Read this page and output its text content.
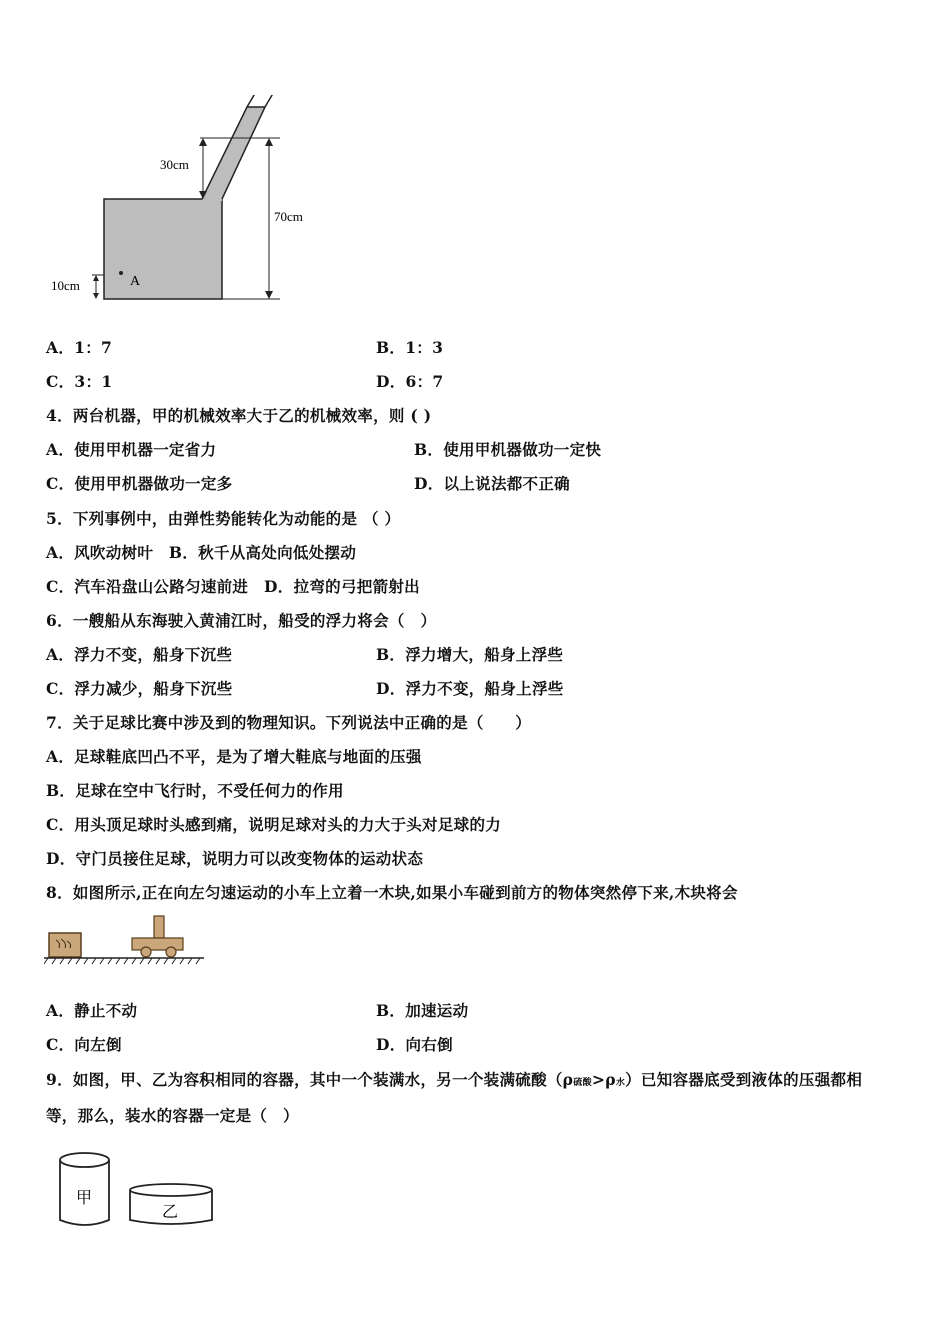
30cm
70cm
10cm	A
A．1：7	B．1：3
C．3：1	D．6：7
4．两台机器，甲的机械效率大于乙的机械效率，则 ( )
A．使用甲机器一定省力	B．使用甲机器做功一定快
C．使用甲机器做功一定多	D．以上说法都不正确
5．下列事例中，由弹性势能转化为动能的是 （ ）
A．风吹动树叶　B．秋千从高处向低处摆动
C．汽车沿盘山公路匀速前进　D．拉弯的弓把箭射出
6．一艘船从东海驶入黄浦江时，船受的浮力将会（　）
A．浮力不变，船身下沉些	B．浮力增大，船身上浮些
C．浮力减少，船身下沉些	D．浮力不变，船身上浮些
7．关于足球比赛中涉及到的物理知识。下列说法中正确的是（　　）
A．足球鞋底凹凸不平，是为了增大鞋底与地面的压强
B．足球在空中飞行时，不受任何力的作用
C．用头顶足球时头感到痛，说明足球对头的力大于头对足球的力
D．守门员接住足球，说明力可以改变物体的运动状态
8．如图所示,正在向左匀速运动的小车上立着一木块,如果小车碰到前方的物体突然停下来,木块将会
A．静止不动	B．加速运动
C．向左倒	D．向右倒
9．如图，甲、乙为容积相同的容器，其中一个装满水，另一个装满硫酸（ρ硫酸>ρ水）已知容器底受到液体的压强都相
等，那么，装水的容器一定是（　）
甲
乙
